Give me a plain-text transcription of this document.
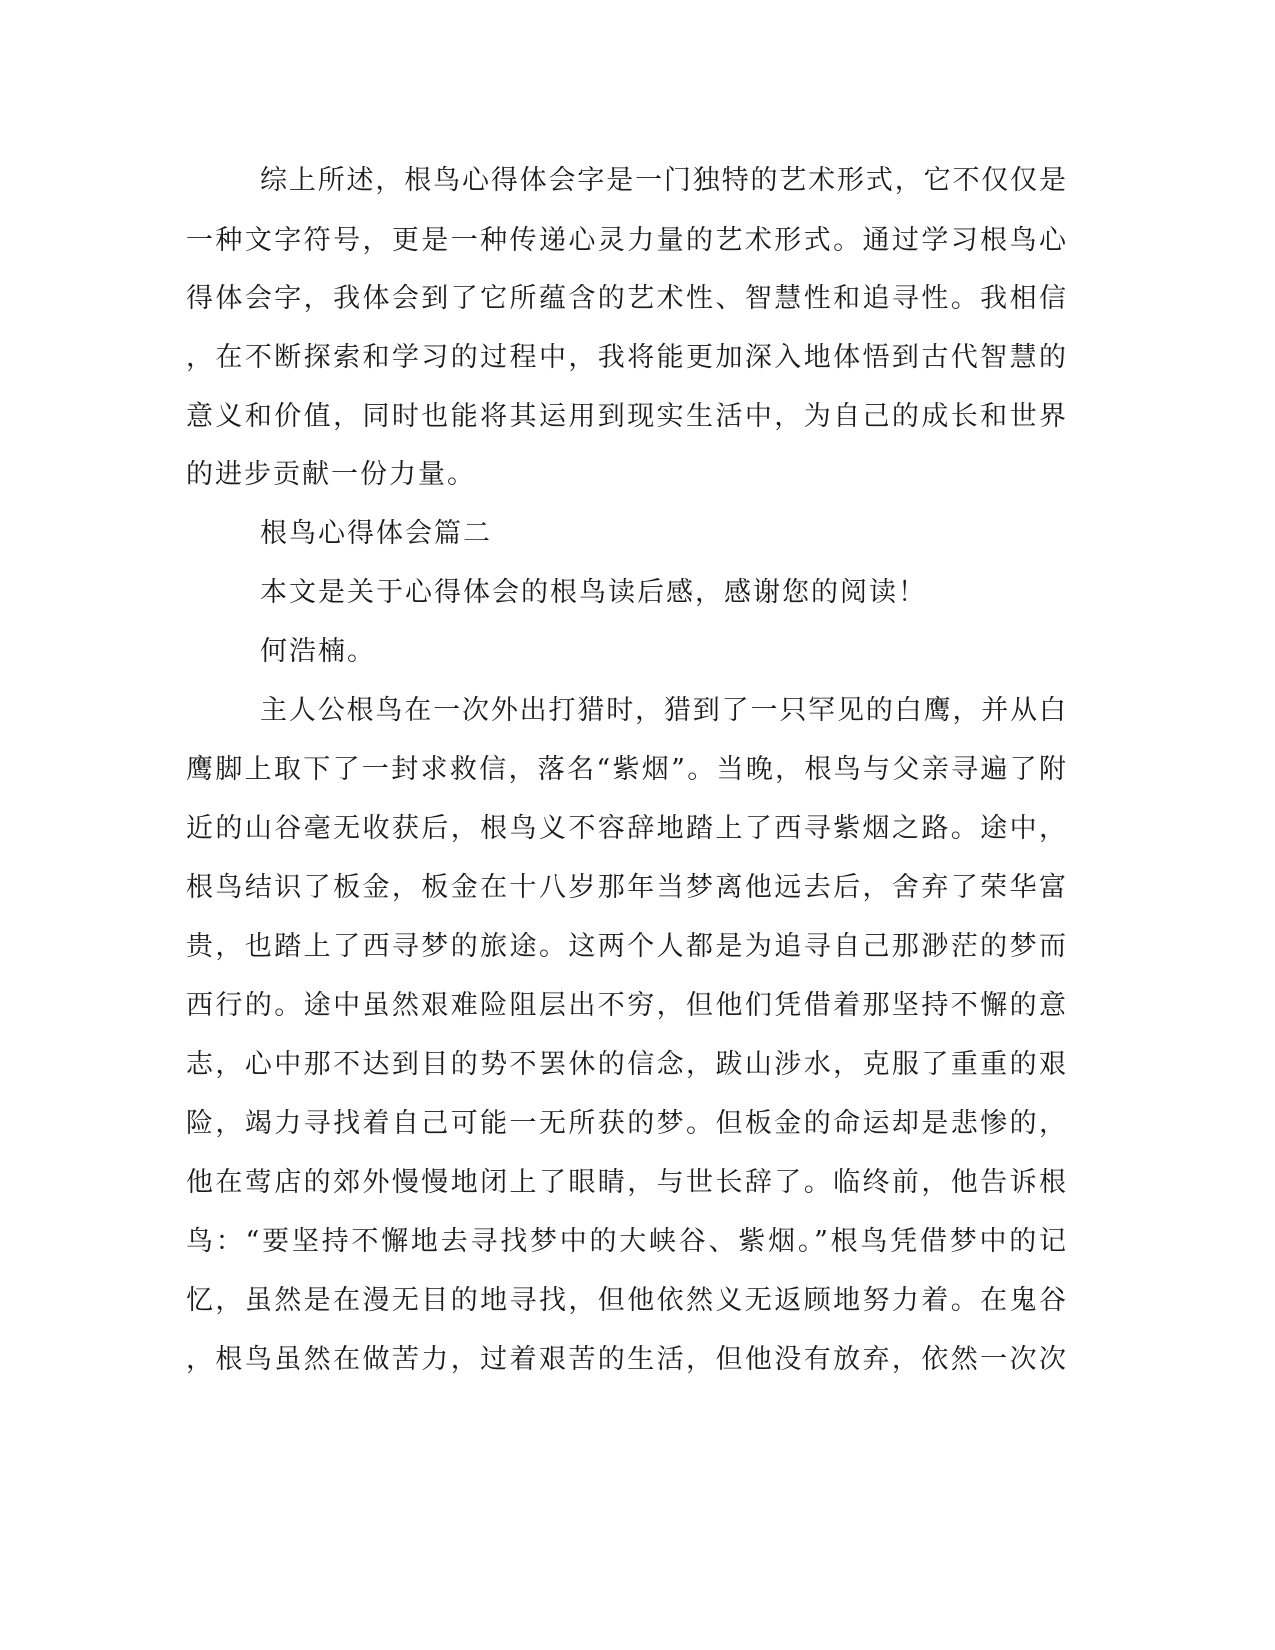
综上所述，根鸟心得体会字是一门独特的艺术形式，它不仅仅是

一种文字符号，更是一种传递心灵力量的艺术形式。通过学习根鸟心

得体会字，我体会到了它所蕴含的艺术性、智慧性和追寻性。我相信

，在不断探索和学习的过程中，我将能更加深入地体悟到古代智慧的

意义和价值，同时也能将其运用到现实生活中，为自己的成长和世界

的进步贡献一份力量。

根鸟心得体会篇二

本文是关于心得体会的根鸟读后感，感谢您的阅读！

何浩楠。

主人公根鸟在一次外出打猎时，猎到了一只罕见的白鹰，并从白

鹰脚上取下了一封求救信，落名“紫烟”。当晚，根鸟与父亲寻遍了附

近的山谷毫无收获后，根鸟义不容辞地踏上了西寻紫烟之路。途中，

根鸟结识了板金，板金在十八岁那年当梦离他远去后，舍弃了荣华富

贵，也踏上了西寻梦的旅途。这两个人都是为追寻自己那渺茫的梦而

西行的。途中虽然艰难险阻层出不穷，但他们凭借着那坚持不懈的意

志，心中那不达到目的势不罢休的信念，跋山涉水，克服了重重的艰

险，竭力寻找着自己可能一无所获的梦。但板金的命运却是悲惨的，

他在莺店的郊外慢慢地闭上了眼睛，与世长辞了。临终前，他告诉根

鸟：“要坚持不懈地去寻找梦中的大峡谷、紫烟。”根鸟凭借梦中的记

忆，虽然是在漫无目的地寻找，但他依然义无返顾地努力着。在鬼谷

，根鸟虽然在做苦力，过着艰苦的生活，但他没有放弃，依然一次次
